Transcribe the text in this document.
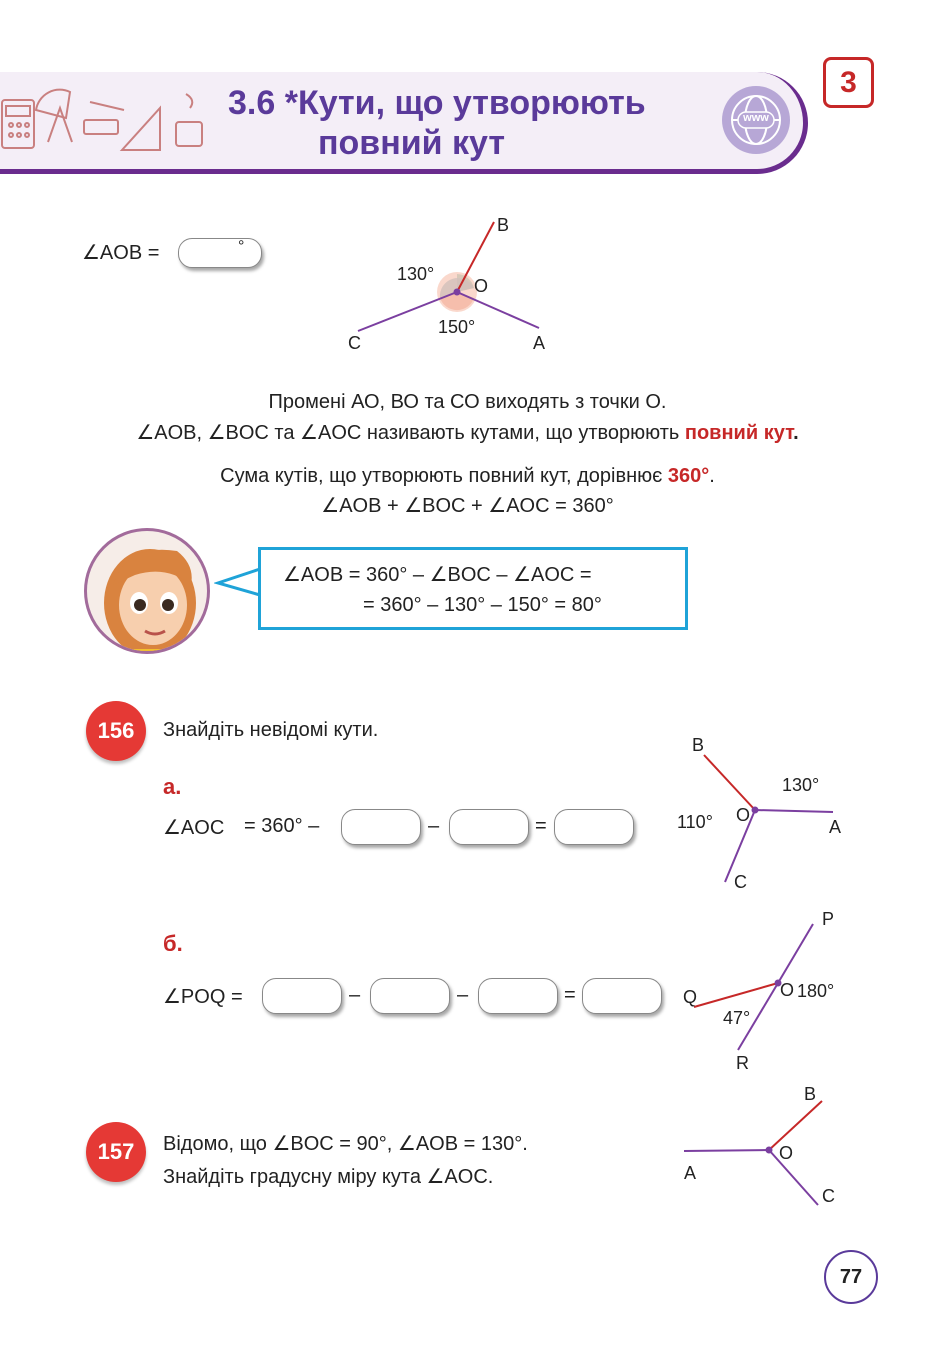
3.6 *Кути, що утворюють
повний кут
www
3
∠AOB =	°
B
O
C	A
130°
150°
Промені АО, ВО та СО виходять з точки О.
∠AOB, ∠BOC та ∠AOC називають кутами, що утворюють повний кут.
Сума кутів, що утворюють повний кут, дорівнює 360°.
∠AOB + ∠BOC + ∠AOC = 360°
∠AOB = 360° – ∠BOC – ∠AOC =
= 360° – 130° – 150° = 80°
156	Знайдіть невідомі кути.
а.
∠AOC = 360° –	–	=
B
O
A
C
130°
110°
б.
∠POQ =	–	–	=
P
O
Q
R
180°
47°
157	Відомо, що ∠BOC = 90°, ∠AOB = 130°.
Знайдіть градусну міру кута ∠AOC.
B
O
A
C
77
